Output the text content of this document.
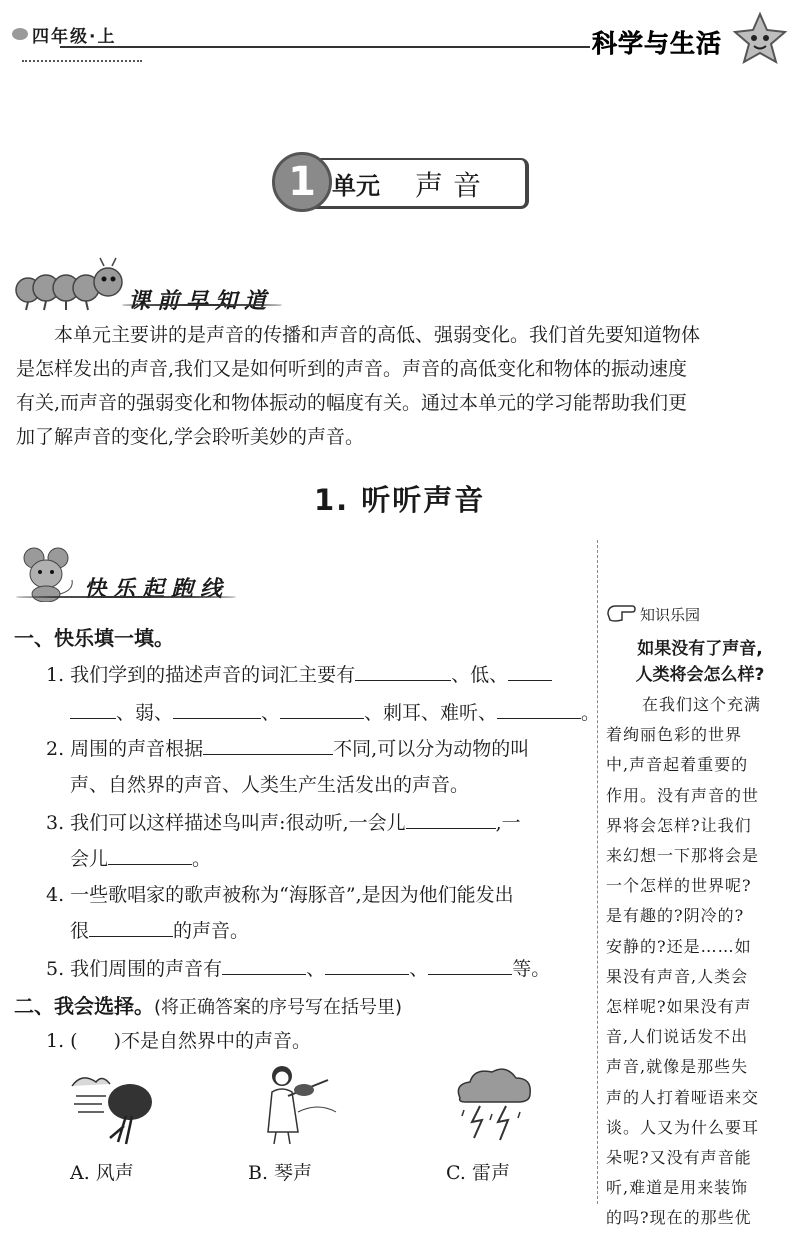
四年级·上	科学与生活
1 单元 声音
课前早知道
本单元主要讲的是声音的传播和声音的高低、强弱变化。我们首先要知道物体
是怎样发出的声音,我们又是如何听到的声音。声音的高低变化和物体的振动速度
有关,而声音的强弱变化和物体振动的幅度有关。通过本单元的学习能帮助我们更
加了解声音的变化,学会聆听美妙的声音。
1. 听听声音
快乐起跑线
一、快乐填一填。
1. 我们学到的描述声音的词汇主要有	、低、
、弱、	、	、刺耳、难听、	。
2. 周围的声音根据	不同,可以分为动物的叫
声、自然界的声音、人类生产生活发出的声音。
3. 我们可以这样描述鸟叫声:很动听,一会儿	,一
会儿	。
4. 一些歌唱家的歌声被称为“海豚音”,是因为他们能发出
很	的声音。
5. 我们周围的声音有	、	、	等。
二、我会选择。(将正确答案的序号写在括号里)
1. ( )不是自然界中的声音。
A. 风声	B. 琴声	C. 雷声
知识乐园
如果没有了声音,
人类将会怎么样?
在我们这个充满
着绚丽色彩的世界
中,声音起着重要的
作用。没有声音的世
界将会怎样?让我们
来幻想一下那将会是
一个怎样的世界呢?
是有趣的?阴冷的?
安静的?还是……如
果没有声音,人类会
怎样呢?如果没有声
音,人们说话发不出
声音,就像是那些失
声的人打着哑语来交
谈。人又为什么要耳
朵呢?又没有声音能
听,难道是用来装饰
的吗?现在的那些优
